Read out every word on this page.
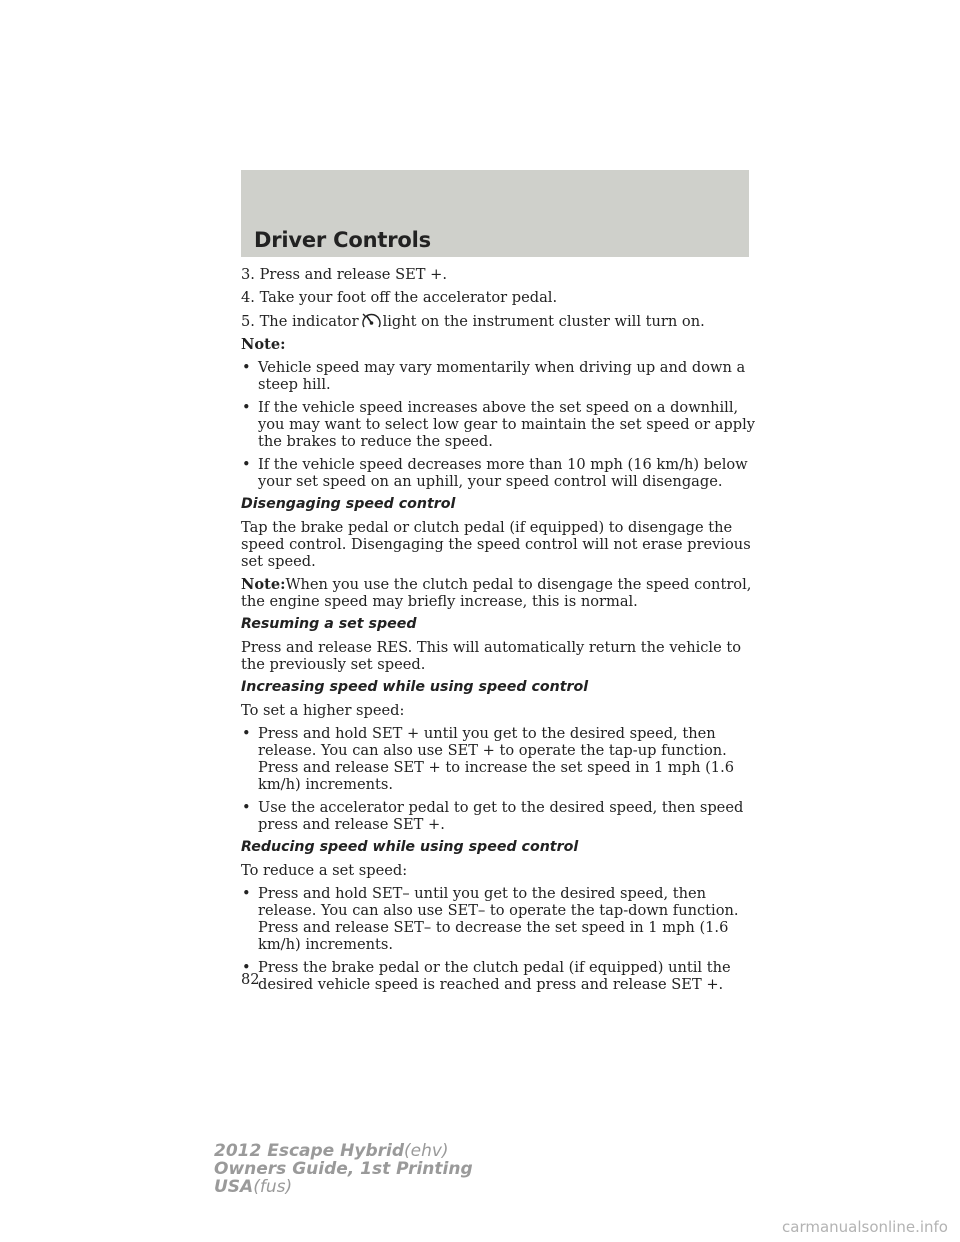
Driver Controls

3. Press and release SET +.

4. Take your foot off the accelerator pedal.

5. The indicator light on the instrument cluster will turn on.

Note:

• Vehicle speed may vary momentarily when driving up and down a steep hill.
• If the vehicle speed increases above the set speed on a downhill, you may want to select low gear to maintain the set speed or apply the brakes to reduce the speed.
• If the vehicle speed decreases more than 10 mph (16 km/h) below your set speed on an uphill, your speed control will disengage.
Disengaging speed control

Tap the brake pedal or clutch pedal (if equipped) to disengage the speed control. Disengaging the speed control will not erase previous set speed.

Note:When you use the clutch pedal to disengage the speed control, the engine speed may briefly increase, this is normal.

Resuming a set speed

Press and release RES. This will automatically return the vehicle to the previously set speed.

Increasing speed while using speed control

To set a higher speed:

• Press and hold SET + until you get to the desired speed, then release. You can also use SET + to operate the tap-up function. Press and release SET + to increase the set speed in 1 mph (1.6 km/h) increments.
• Use the accelerator pedal to get to the desired speed, then speed press and release SET +.
Reducing speed while using speed control

To reduce a set speed:

• Press and hold SET– until you get to the desired speed, then release. You can also use SET– to operate the tap-down function. Press and release SET– to decrease the set speed in 1 mph (1.6 km/h) increments.
• Press the brake pedal or the clutch pedal (if equipped) until the desired vehicle speed is reached and press and release SET +.
82
2012 Escape Hybrid(ehv)
Owners Guide, 1st Printing
USA(fus)
carmanualsonline.info
